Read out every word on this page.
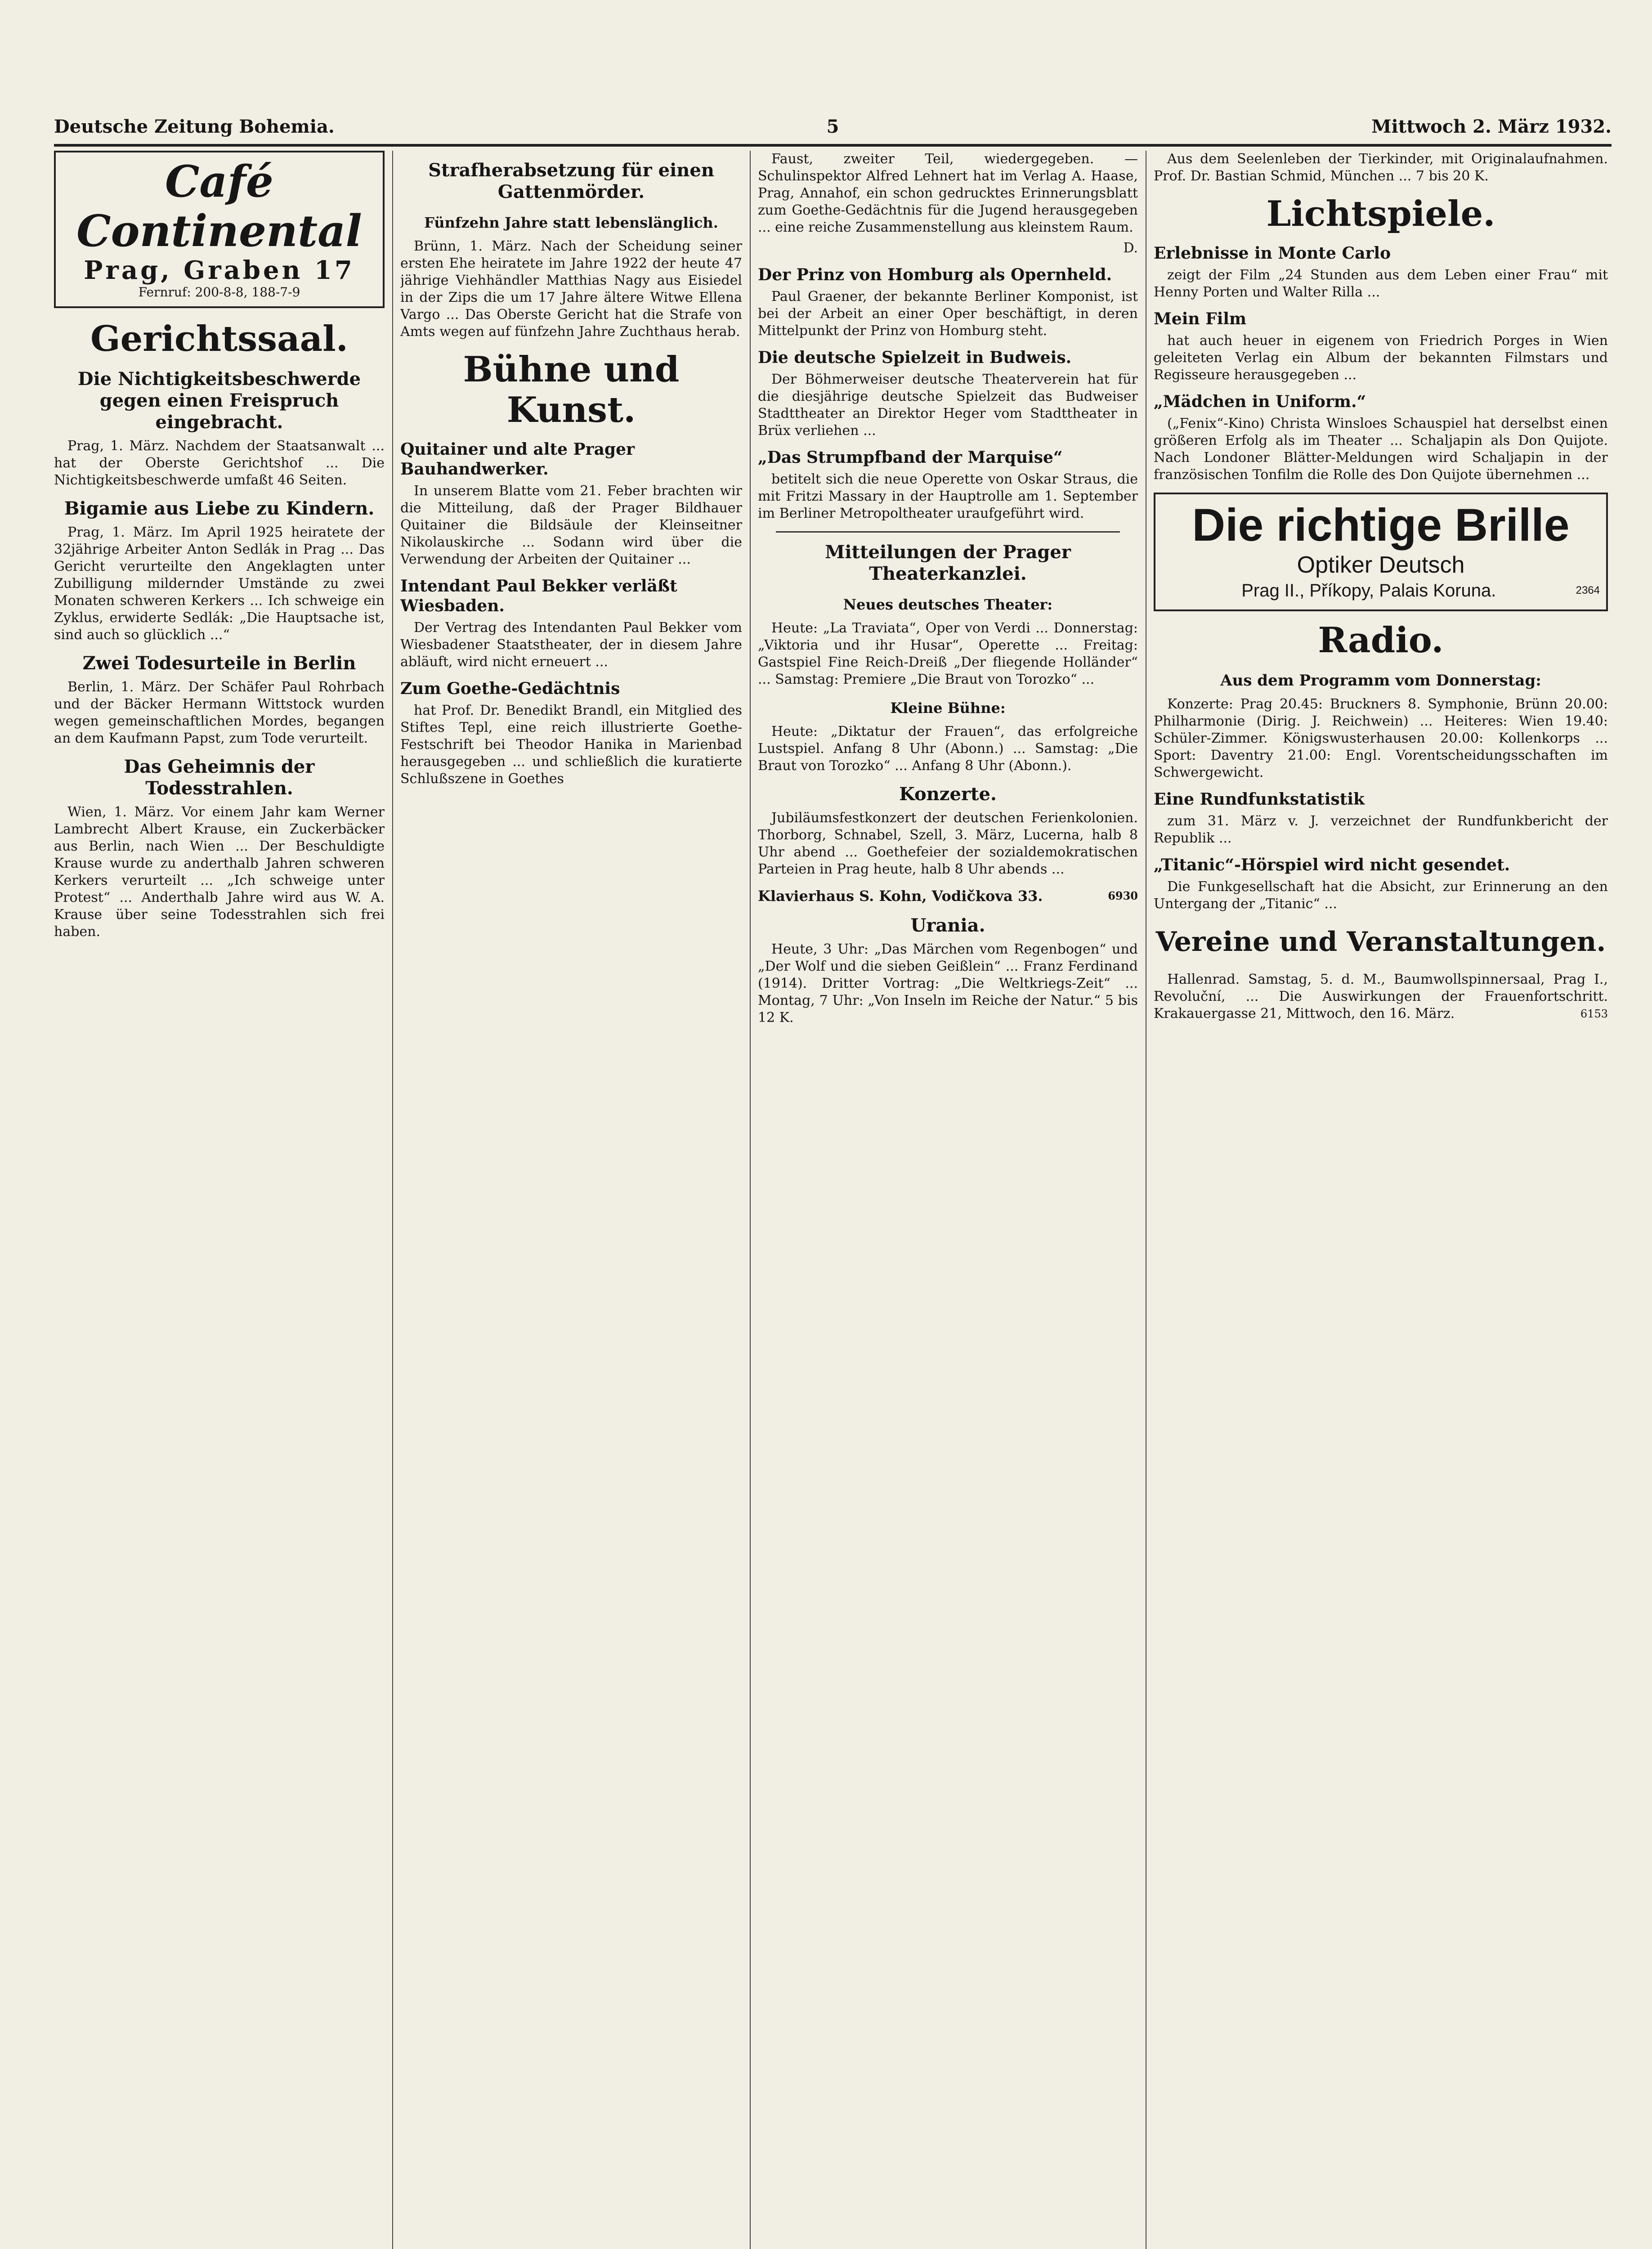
Deutsche Zeitung Bohemia.	5	Mittwoch 2. März 1932.
Café Continental
Prag, Graben 17
Fernruf: 200-8-8, 188-7-9
Gerichtssaal.
Die Nichtigkeitsbeschwerde gegen einen Freispruch eingebracht.

Prag, 1. März. Nachdem der Staatsanwalt ... hat der Oberste Gerichtshof ... Die Nichtigkeitsbeschwerde umfaßt 46 Seiten.

Bigamie aus Liebe zu Kindern.

Prag, 1. März. Im April 1925 heiratete der 32jährige Arbeiter Anton Sedlák in Prag ... Das Gericht verurteilte den Angeklagten unter Zubilligung mildernder Umstände zu zwei Monaten schweren Kerkers ... Ich schweige ein Zyklus, erwiderte Sedlák: „Die Hauptsache ist, sind auch so glücklich ...“

Zwei Todesurteile in Berlin

Berlin, 1. März. Der Schäfer Paul Rohrbach und der Bäcker Hermann Wittstock wurden wegen gemeinschaftlichen Mordes, begangen an dem Kaufmann Papst, zum Tode verurteilt.

Das Geheimnis der Todesstrahlen.

Wien, 1. März. Vor einem Jahr kam Werner Lambrecht Albert Krause, ein Zuckerbäcker aus Berlin, nach Wien ... Der Beschuldigte Krause wurde zu anderthalb Jahren schweren Kerkers verurteilt ... „Ich schweige unter Protest“ ... Anderthalb Jahre wird aus W. A. Krause über seine Todesstrahlen sich frei haben.

Strafherabsetzung für einen Gattenmörder.
Fünfzehn Jahre statt lebenslänglich.

Brünn, 1. März. Nach der Scheidung seiner ersten Ehe heiratete im Jahre 1922 der heute 47 jährige Viehhändler Matthias Nagy aus Eisiedel in der Zips die um 17 Jahre ältere Witwe Ellena Vargo ... Das Oberste Gericht hat die Strafe von Amts wegen auf fünfzehn Jahre Zuchthaus herab.

Bühne und Kunst.
Quitainer und alte Prager Bauhandwerker.

In unserem Blatte vom 21. Feber brachten wir die Mitteilung, daß der Prager Bildhauer Quitainer die Bildsäule der Kleinseitner Nikolauskirche ... Sodann wird über die Verwendung der Arbeiten der Quitainer ...

Intendant Paul Bekker verläßt Wiesbaden.

Der Vertrag des Intendanten Paul Bekker vom Wiesbadener Staatstheater, der in diesem Jahre abläuft, wird nicht erneuert ...

Zum Goethe-Gedächtnis

hat Prof. Dr. Benedikt Brandl, ein Mitglied des Stiftes Tepl, eine reich illustrierte Goethe-Festschrift bei Theodor Hanika in Marienbad herausgegeben ... und schließlich die kuratierte Schlußszene in Goethes

Faust, zweiter Teil, wiedergegeben. — Schulinspektor Alfred Lehnert hat im Verlag A. Haase, Prag, Annahof, ein schon gedrucktes Erinnerungsblatt zum Goethe-Gedächtnis für die Jugend herausgegeben ... eine reiche Zusammenstellung aus kleinstem Raum.

D.

Der Prinz von Homburg als Opernheld.

Paul Graener, der bekannte Berliner Komponist, ist bei der Arbeit an einer Oper beschäftigt, in deren Mittelpunkt der Prinz von Homburg steht.

Die deutsche Spielzeit in Budweis.

Der Böhmerweiser deutsche Theaterverein hat für die diesjährige deutsche Spielzeit das Budweiser Stadttheater an Direktor Heger vom Stadttheater in Brüx verliehen ...

„Das Strumpfband der Marquise“

betitelt sich die neue Operette von Oskar Straus, die mit Fritzi Massary in der Hauptrolle am 1. September im Berliner Metropoltheater uraufgeführt wird.

Mitteilungen der Prager Theaterkanzlei.
Neues deutsches Theater:

Heute: „La Traviata“, Oper von Verdi ... Donnerstag: „Viktoria und ihr Husar“, Operette ... Freitag: Gastspiel Fine Reich-Dreiß „Der fliegende Holländer“ ... Samstag: Premiere „Die Braut von Torozko“ ...

Kleine Bühne:

Heute: „Diktatur der Frauen“, das erfolgreiche Lustspiel. Anfang 8 Uhr (Abonn.) ... Samstag: „Die Braut von Torozko“ ... Anfang 8 Uhr (Abonn.).

Konzerte.

Jubiläumsfestkonzert der deutschen Ferienkolonien. Thorborg, Schnabel, Szell, 3. März, Lucerna, halb 8 Uhr abend ... Goethefeier der sozialdemokratischen Parteien in Prag heute, halb 8 Uhr abends ...

Klavierhaus S. Kohn, Vodičkova 33.	6930
Urania.

Heute, 3 Uhr: „Das Märchen vom Regenbogen“ und „Der Wolf und die sieben Geißlein“ ... Franz Ferdinand (1914). Dritter Vortrag: „Die Weltkriegs-Zeit“ ... Montag, 7 Uhr: „Von Inseln im Reiche der Natur.“ 5 bis 12 K.

Aus dem Seelenleben der Tierkinder, mit Originalaufnahmen. Prof. Dr. Bastian Schmid, München ... 7 bis 20 K.

Lichtspiele.
Erlebnisse in Monte Carlo

zeigt der Film „24 Stunden aus dem Leben einer Frau“ mit Henny Porten und Walter Rilla ...

Mein Film

hat auch heuer in eigenem von Friedrich Porges in Wien geleiteten Verlag ein Album der bekannten Filmstars und Regisseure herausgegeben ...

„Mädchen in Uniform.“

(„Fenix“-Kino) Christa Winsloes Schauspiel hat derselbst einen größeren Erfolg als im Theater ... Schaljapin als Don Quijote. Nach Londoner Blätter-Meldungen wird Schaljapin in der französischen Tonfilm die Rolle des Don Quijote übernehmen ...

Die richtige Brille
Optiker Deutsch
Prag II., Příkopy, Palais Koruna.	2364
Radio.
Aus dem Programm vom Donnerstag:

Konzerte: Prag 20.45: Bruckners 8. Symphonie, Brünn 20.00: Philharmonie (Dirig. J. Reichwein) ... Heiteres: Wien 19.40: Schüler-Zimmer. Königswusterhausen 20.00: Kollenkorps ... Sport: Daventry 21.00: Engl. Vorentscheidungsschaften im Schwergewicht.

Eine Rundfunkstatistik

zum 31. März v. J. verzeichnet der Rundfunkbericht der Republik ...

„Titanic“-Hörspiel wird nicht gesendet.

Die Funkgesellschaft hat die Absicht, zur Erinnerung an den Untergang der „Titanic“ ...

Vereine und Veranstaltungen.

Hallenrad. Samstag, 5. d. M., Baumwollspinnersaal, Prag I., Revoluční, ... Die Auswirkungen der Frauenfortschritt. Krakauergasse 21, Mittwoch, den 16. März.	6153
